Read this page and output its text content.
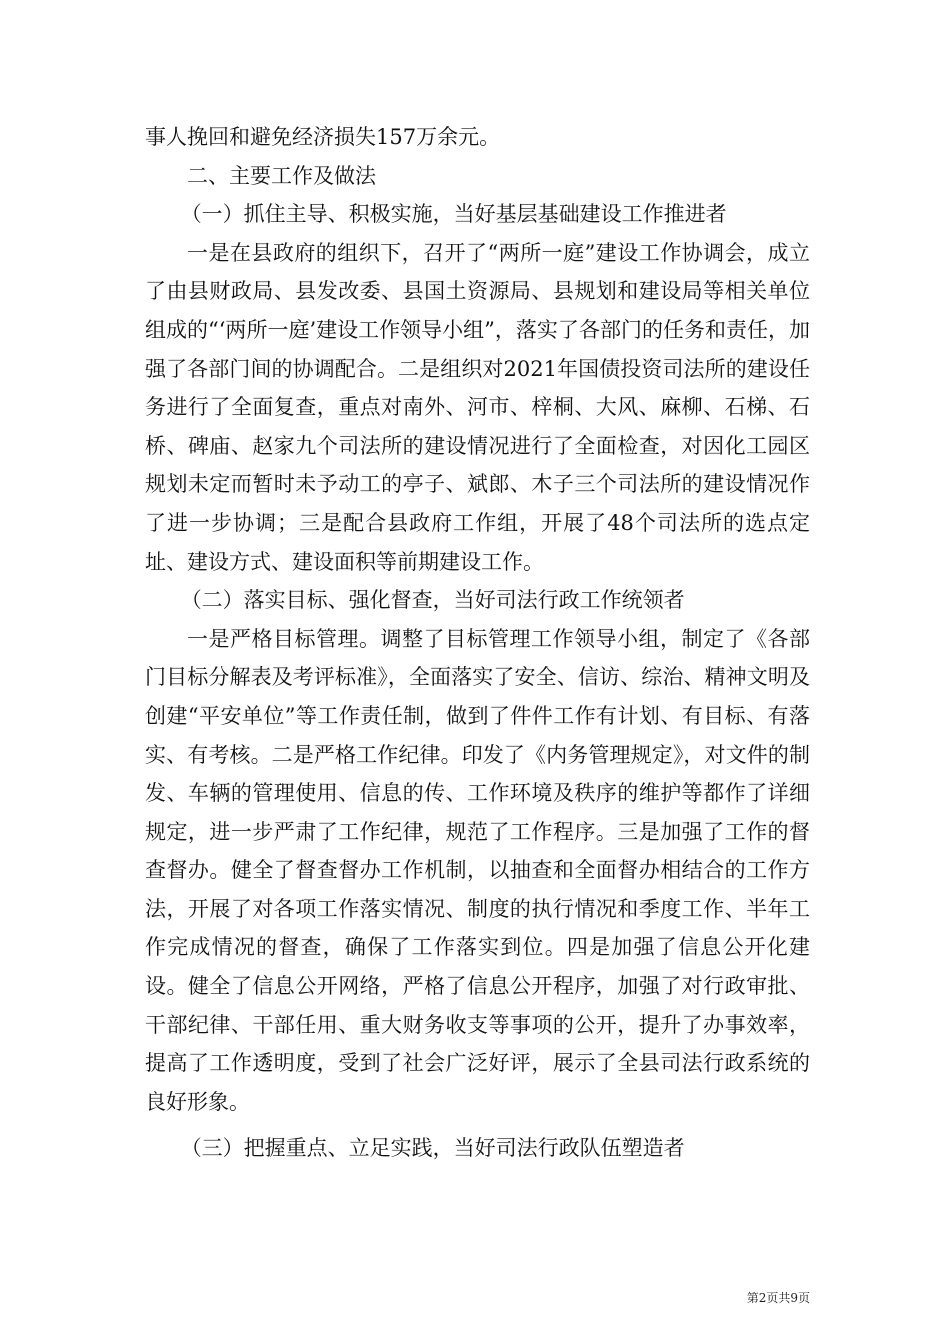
事人挽回和避免经济损失157万余元。

二、主要工作及做法

（一）抓住主导、积极实施，当好基层基础建设工作推进者

一是在县政府的组织下，召开了“两所一庭”建设工作协调会，成立了由县财政局、县发改委、县国土资源局、县规划和建设局等相关单位组成的“‘两所一庭’建设工作领导小组”，落实了各部门的任务和责任，加强了各部门间的协调配合。二是组织对2021年国债投资司法所的建设任务进行了全面复查，重点对南外、河市、梓桐、大风、麻柳、石梯、石桥、碑庙、赵家九个司法所的建设情况进行了全面检查，对因化工园区规划未定而暂时未予动工的亭子、斌郎、木子三个司法所的建设情况作了进一步协调；三是配合县政府工作组，开展了48个司法所的选点定址、建设方式、建设面积等前期建设工作。

（二）落实目标、强化督查，当好司法行政工作统领者

一是严格目标管理。调整了目标管理工作领导小组，制定了《各部门目标分解表及考评标准》，全面落实了安全、信访、综治、精神文明及创建“平安单位”等工作责任制，做到了件件工作有计划、有目标、有落实、有考核。二是严格工作纪律。印发了《内务管理规定》，对文件的制发、车辆的管理使用、信息的传、工作环境及秩序的维护等都作了详细规定，进一步严肃了工作纪律，规范了工作程序。三是加强了工作的督查督办。健全了督查督办工作机制，以抽查和全面督办相结合的工作方法，开展了对各项工作落实情况、制度的执行情况和季度工作、半年工作完成情况的督查，确保了工作落实到位。四是加强了信息公开化建设。健全了信息公开网络，严格了信息公开程序，加强了对行政审批、干部纪律、干部任用、重大财务收支等事项的公开，提升了办事效率，提高了工作透明度，受到了社会广泛好评，展示了全县司法行政系统的良好形象。

（三）把握重点、立足实践，当好司法行政队伍塑造者

第2页共9页
